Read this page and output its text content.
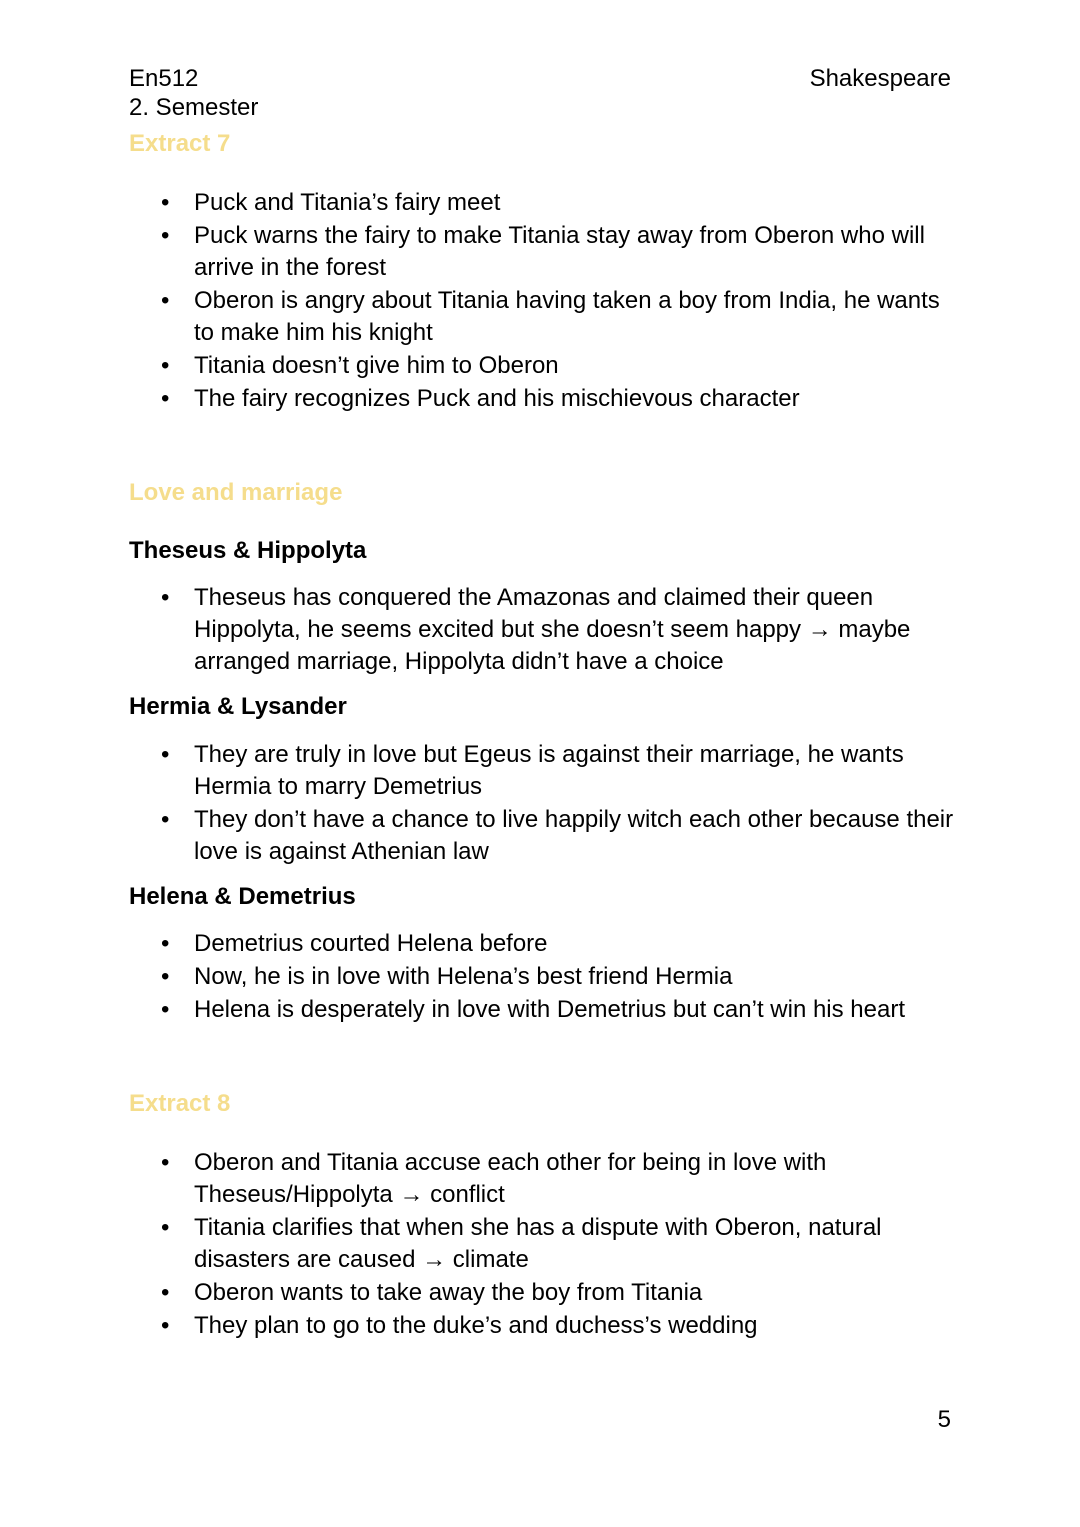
En512
2. Semester
Shakespeare
Extract 7
• Puck and Titania’s fairy meet
• Puck warns the fairy to make Titania stay away from Oberon who will arrive in the forest
• Oberon is angry about Titania having taken a boy from India, he wants to make him his knight
• Titania doesn’t give him to Oberon
• The fairy recognizes Puck and his mischievous character
Love and marriage
Theseus & Hippolyta
• Theseus has conquered the Amazonas and claimed their queen Hippolyta, he seems excited but she doesn’t seem happy → maybe arranged marriage, Hippolyta didn’t have a choice
Hermia & Lysander
• They are truly in love but Egeus is against their marriage, he wants Hermia to marry Demetrius
• They don’t have a chance to live happily witch each other because their love is against Athenian law
Helena & Demetrius
• Demetrius courted Helena before
• Now, he is in love with Helena’s best friend Hermia
• Helena is desperately in love with Demetrius but can’t win his heart
Extract 8
• Oberon and Titania accuse each other for being in love with Theseus/Hippolyta → conflict
• Titania clarifies that when she has a dispute with Oberon, natural disasters are caused → climate
• Oberon wants to take away the boy from Titania
• They plan to go to the duke’s and duchess’s wedding
5
